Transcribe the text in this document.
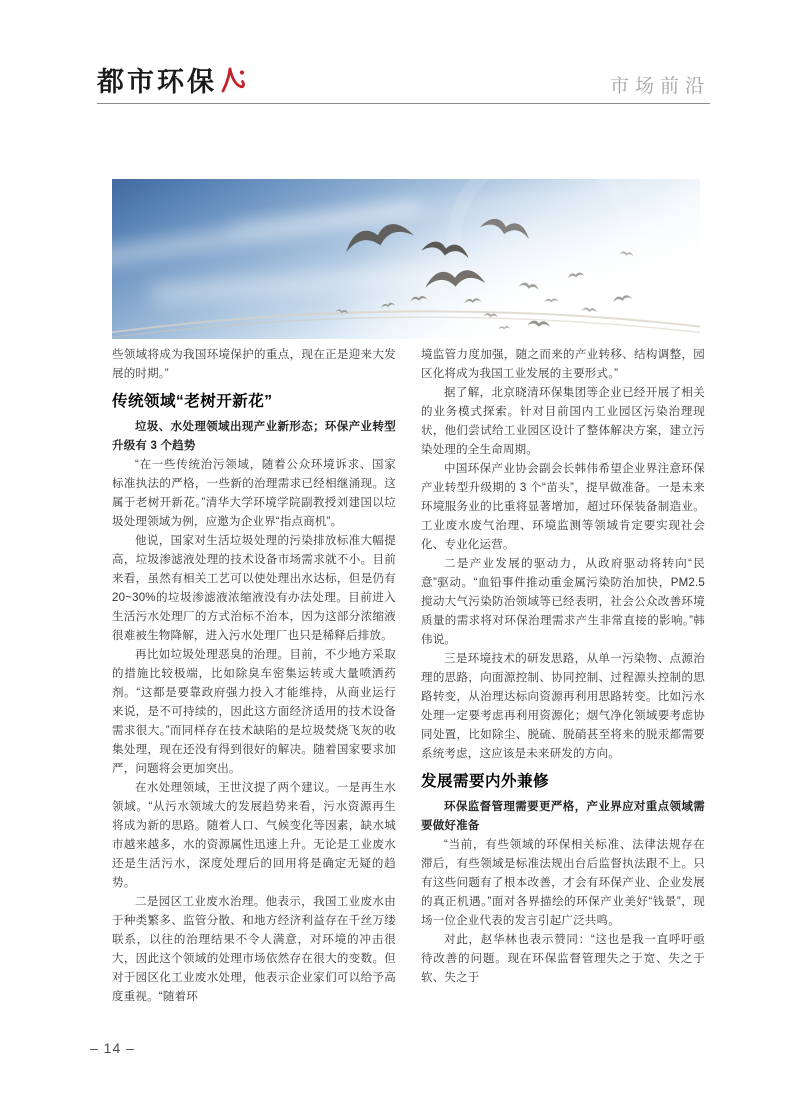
都市环保	市场前沿

些领域将成为我国环境保护的重点，现在正是迎来大发展的时期。”

传统领域“老树开新花”

垃圾、水处理领域出现产业新形态；环保产业转型升级有 3 个趋势

“在一些传统治污领域，随着公众环境诉求、国家标准执法的严格，一些新的治理需求已经相继涌现。这属于老树开新花。”清华大学环境学院副教授刘建国以垃圾处理领域为例，应邀为企业界“指点商机”。

他说，国家对生活垃圾处理的污染排放标准大幅提高，垃圾渗滤液处理的技术设备市场需求就不小。目前来看，虽然有相关工艺可以使处理出水达标，但是仍有20~30%的垃圾渗滤液浓缩液没有办法处理。目前进入生活污水处理厂的方式治标不治本，因为这部分浓缩液很难被生物降解，进入污水处理厂也只是稀释后排放。

再比如垃圾处理恶臭的治理。目前，不少地方采取的措施比较极端，比如除臭车密集运转或大量喷洒药剂。“这都是要靠政府强力投入才能维持，从商业运行来说，是不可持续的，因此这方面经济适用的技术设备需求很大。”而同样存在技术缺陷的是垃圾焚烧飞灰的收集处理，现在还没有得到很好的解决。随着国家要求加严，问题将会更加突出。

在水处理领域，王世汶提了两个建议。一是再生水领域。“从污水领域大的发展趋势来看，污水资源再生将成为新的思路。随着人口、气候变化等因素，缺水城市越来越多，水的资源属性迅速上升。无论是工业废水还是生活污水，深度处理后的回用将是确定无疑的趋势。

二是园区工业废水治理。他表示，我国工业废水由于种类繁多、监管分散、和地方经济利益存在千丝万缕联系，以往的治理结果不令人满意，对环境的冲击很大，因此这个领域的处理市场依然存在很大的变数。但对于园区化工业废水处理，他表示企业家们可以给予高度重视。“随着环

境监管力度加强，随之而来的产业转移、结构调整，园区化将成为我国工业发展的主要形式。”

据了解，北京晓清环保集团等企业已经开展了相关的业务模式探索。针对目前国内工业园区污染治理现状，他们尝试给工业园区设计了整体解决方案，建立污染处理的全生命周期。

中国环保产业协会副会长韩伟希望企业界注意环保产业转型升级期的 3 个“苗头”，提早做准备。一是未来环境服务业的比重将显著增加，超过环保装备制造业。工业废水废气治理、环境监测等领域肯定要实现社会化、专业化运营。

二是产业发展的驱动力，从政府驱动将转向“民意”驱动。“血铅事件推动重金属污染防治加快，PM2.5搅动大气污染防治领域等已经表明，社会公众改善环境质量的需求将对环保治理需求产生非常直接的影响。”韩伟说。

三是环境技术的研发思路，从单一污染物、点源治理的思路，向面源控制、协同控制、过程源头控制的思路转变，从治理达标向资源再利用思路转变。比如污水处理一定要考虑再利用资源化；烟气净化领域要考虑协同处置，比如除尘、脱硫、脱硝甚至将来的脱汞都需要系统考虑，这应该是未来研发的方向。

发展需要内外兼修

环保监督管理需要更严格，产业界应对重点领域需要做好准备

“当前，有些领域的环保相关标准、法律法规存在滞后，有些领域是标准法规出台后监督执法跟不上。只有这些问题有了根本改善，才会有环保产业、企业发展的真正机遇。”面对各界描绘的环保产业美好“钱景”，现场一位企业代表的发言引起广泛共鸣。

对此，赵华林也表示赞同：“这也是我一直呼吁亟待改善的问题。现在环保监督管理失之于宽、失之于软、失之于

– 14 –
